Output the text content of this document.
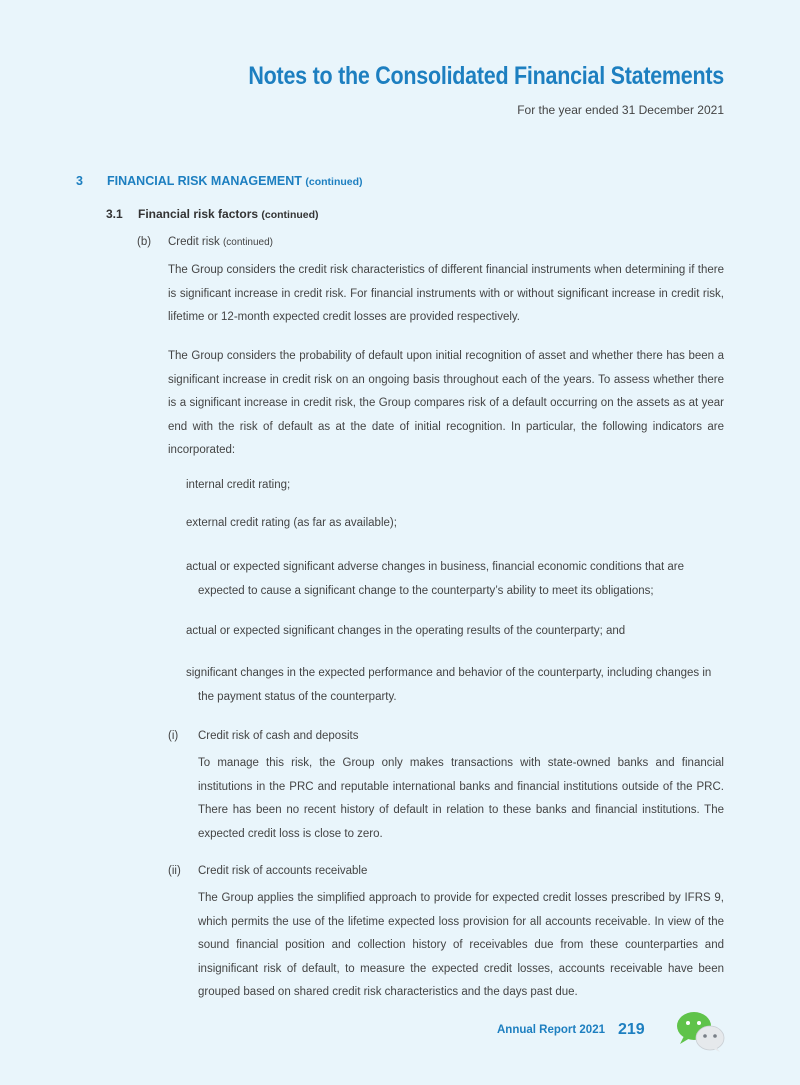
Notes to the Consolidated Financial Statements
For the year ended 31 December 2021
3 FINANCIAL RISK MANAGEMENT (continued)
3.1 Financial risk factors (continued)
(b) Credit risk (continued)

The Group considers the credit risk characteristics of different financial instruments when determining if there is significant increase in credit risk. For financial instruments with or without significant increase in credit risk, lifetime or 12-month expected credit losses are provided respectively.

The Group considers the probability of default upon initial recognition of asset and whether there has been a significant increase in credit risk on an ongoing basis throughout each of the years. To assess whether there is a significant increase in credit risk, the Group compares risk of a default occurring on the assets as at year end with the risk of default as at the date of initial recognition. In particular, the following indicators are incorporated:

internal credit rating;

external credit rating (as far as available);

actual or expected significant adverse changes in business, financial economic conditions that are expected to cause a significant change to the counterparty’s ability to meet its obligations;

actual or expected significant changes in the operating results of the counterparty; and

significant changes in the expected performance and behavior of the counterparty, including changes in the payment status of the counterparty.

(i) Credit risk of cash and deposits

To manage this risk, the Group only makes transactions with state-owned banks and financial institutions in the PRC and reputable international banks and financial institutions outside of the PRC. There has been no recent history of default in relation to these banks and financial institutions. The expected credit loss is close to zero.

(ii) Credit risk of accounts receivable

The Group applies the simplified approach to provide for expected credit losses prescribed by IFRS 9, which permits the use of the lifetime expected loss provision for all accounts receivable. In view of the sound financial position and collection history of receivables due from these counterparties and insignificant risk of default, to measure the expected credit losses, accounts receivable have been grouped based on shared credit risk characteristics and the days past due.

Annual Report 2021 219
